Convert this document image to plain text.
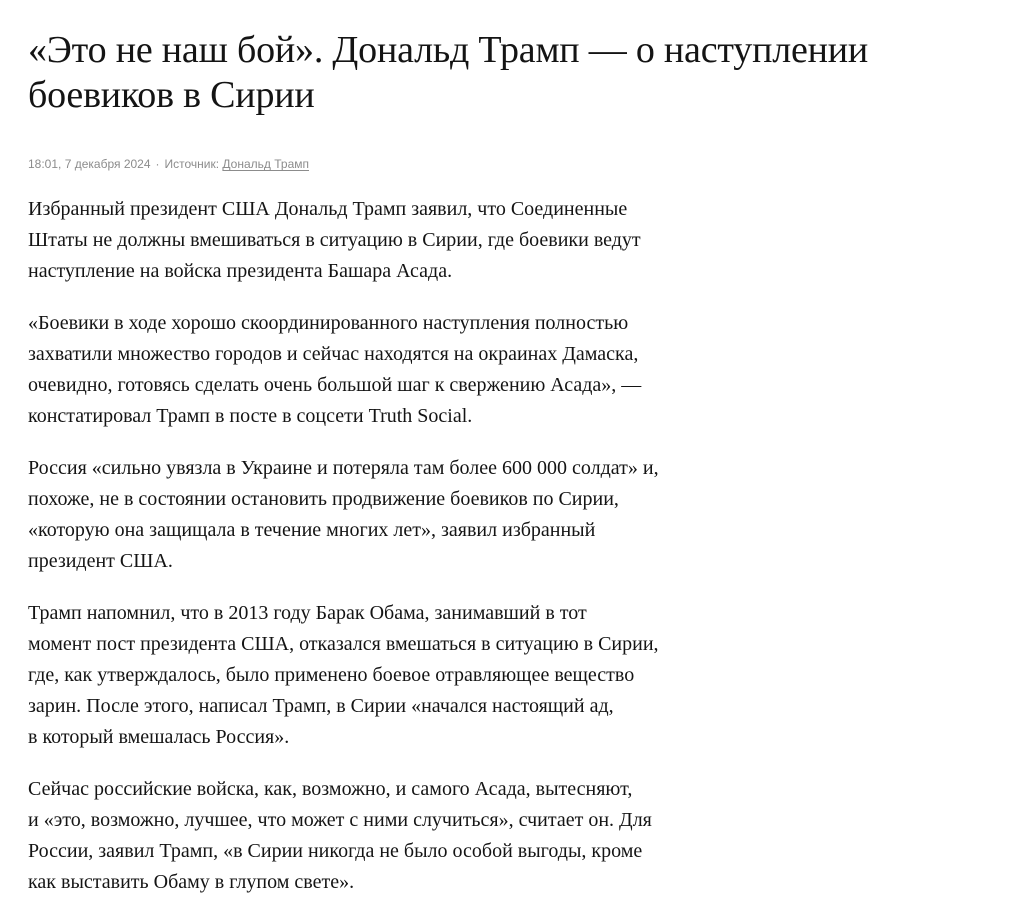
«Это не наш бой». Дональд Трамп — о наступлении боевиков в Сирии
18:01, 7 декабря 2024 · Источник: Дональд Трамп

Избранный президент США Дональд Трамп заявил, что Соединенные
Штаты не должны вмешиваться в ситуацию в Сирии, где боевики ведут
наступление на войска президента Башара Асада.

«Боевики в ходе хорошо скоординированного наступления полностью
захватили множество городов и сейчас находятся на окраинах Дамаска,
очевидно, готовясь сделать очень большой шаг к свержению Асада», —
констатировал Трамп в посте в соцсети Truth Social.

Россия «сильно увязла в Украине и потеряла там более 600 000 солдат» и,
похоже, не в состоянии остановить продвижение боевиков по Сирии,
«которую она защищала в течение многих лет», заявил избранный
президент США.

Трамп напомнил, что в 2013 году Барак Обама, занимавший в тот
момент пост президента США, отказался вмешаться в ситуацию в Сирии,
где, как утверждалось, было применено боевое отравляющее вещество
зарин. После этого, написал Трамп, в Сирии «начался настоящий ад,
в который вмешалась Россия».

Сейчас российские войска, как, возможно, и самого Асада, вытесняют,
и «это, возможно, лучшее, что может с ними случиться», считает он. Для
России, заявил Трамп, «в Сирии никогда не было особой выгоды, кроме
как выставить Обаму в глупом свете».
